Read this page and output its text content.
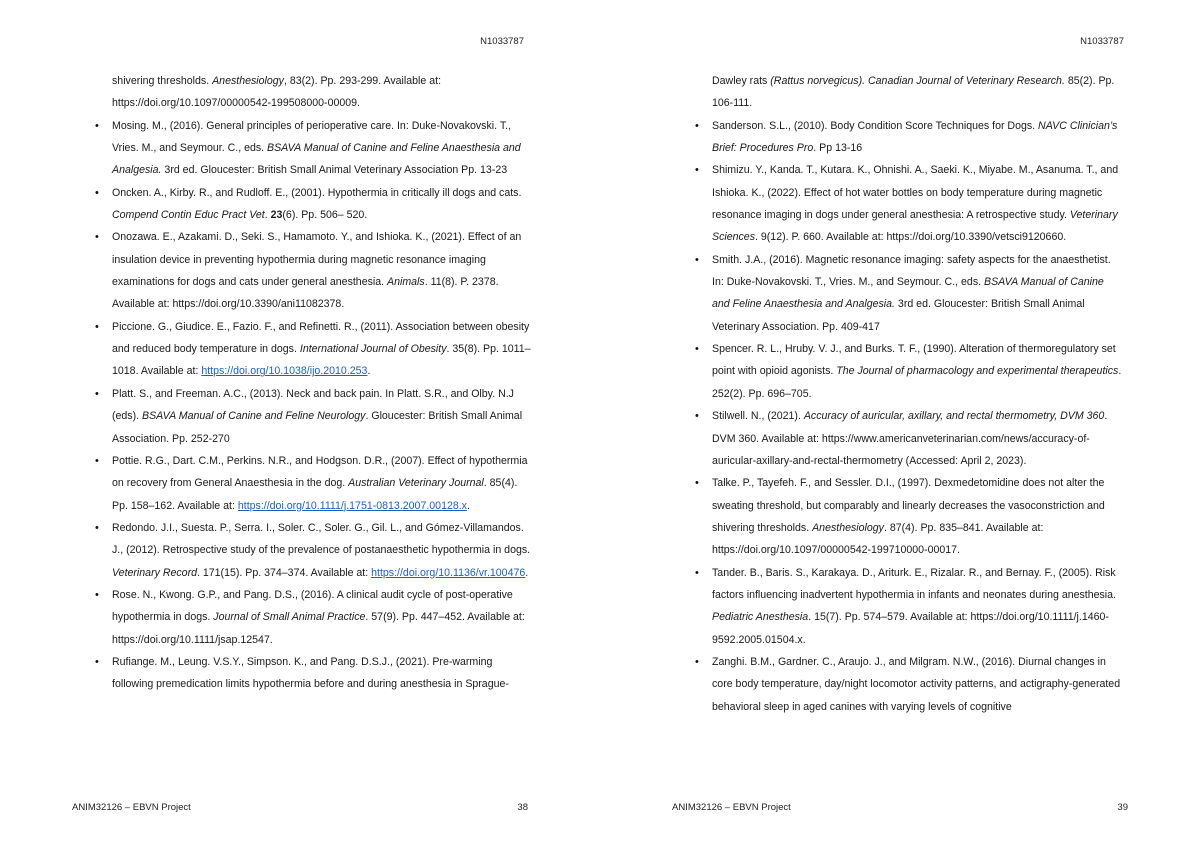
N1033787
shivering thresholds. Anesthesiology, 83(2). Pp. 293-299. Available at: https://doi.org/10.1097/00000542-199508000-00009.
• Mosing. M., (2016). General principles of perioperative care. In: Duke-Novakovski. T., Vries. M., and Seymour. C., eds. BSAVA Manual of Canine and Feline Anaesthesia and Analgesia. 3rd ed. Gloucester: British Small Animal Veterinary Association Pp. 13-23
• Oncken. A., Kirby. R., and Rudloff. E., (2001). Hypothermia in critically ill dogs and cats. Compend Contin Educ Pract Vet. 23(6). Pp. 506– 520.
• Onozawa. E., Azakami. D., Seki. S., Hamamoto. Y., and Ishioka. K., (2021). Effect of an insulation device in preventing hypothermia during magnetic resonance imaging examinations for dogs and cats under general anesthesia. Animals. 11(8). P. 2378. Available at: https://doi.org/10.3390/ani11082378.
• Piccione. G., Giudice. E., Fazio. F., and Refinetti. R., (2011). Association between obesity and reduced body temperature in dogs. International Journal of Obesity. 35(8). Pp. 1011–1018. Available at: https://doi.org/10.1038/ijo.2010.253.
• Platt. S., and Freeman. A.C., (2013). Neck and back pain. In Platt. S.R., and Olby. N.J (eds). BSAVA Manual of Canine and Feline Neurology. Gloucester: British Small Animal Association. Pp. 252-270
• Pottie. R.G., Dart. C.M., Perkins. N.R., and Hodgson. D.R., (2007). Effect of hypothermia on recovery from General Anaesthesia in the dog. Australian Veterinary Journal. 85(4). Pp. 158–162. Available at: https://doi.org/10.1111/j.1751-0813.2007.00128.x.
• Redondo. J.I., Suesta. P., Serra. I., Soler. C., Soler. G., Gil. L., and Gómez-Villamandos. J., (2012). Retrospective study of the prevalence of postanaesthetic hypothermia in dogs. Veterinary Record. 171(15). Pp. 374–374. Available at: https://doi.org/10.1136/vr.100476.
• Rose. N., Kwong. G.P., and Pang. D.S., (2016). A clinical audit cycle of post-operative hypothermia in dogs. Journal of Small Animal Practice. 57(9). Pp. 447–452. Available at: https://doi.org/10.1111/jsap.12547.
• Rufiange. M., Leung. V.S.Y., Simpson. K., and Pang. D.S.J., (2021). Pre-warming following premedication limits hypothermia before and during anesthesia in Sprague-
ANIM32126 – EBVN Project	38
N1033787
Dawley rats (Rattus norvegicus). Canadian Journal of Veterinary Research. 85(2). Pp. 106-111.
• Sanderson. S.L., (2010). Body Condition Score Techniques for Dogs. NAVC Clinician’s Brief: Procedures Pro. Pp 13-16
• Shimizu. Y., Kanda. T., Kutara. K., Ohnishi. A., Saeki. K., Miyabe. M., Asanuma. T., and Ishioka. K., (2022). Effect of hot water bottles on body temperature during magnetic resonance imaging in dogs under general anesthesia: A retrospective study. Veterinary Sciences. 9(12). P. 660. Available at: https://doi.org/10.3390/vetsci9120660.
• Smith. J.A., (2016). Magnetic resonance imaging: safety aspects for the anaesthetist. In: Duke-Novakovski. T., Vries. M., and Seymour. C., eds. BSAVA Manual of Canine and Feline Anaesthesia and Analgesia. 3rd ed. Gloucester: British Small Animal Veterinary Association. Pp. 409-417
• Spencer. R. L., Hruby. V. J., and Burks. T. F., (1990). Alteration of thermoregulatory set point with opioid agonists. The Journal of pharmacology and experimental therapeutics. 252(2). Pp. 696–705.
• Stilwell. N., (2021). Accuracy of auricular, axillary, and rectal thermometry, DVM 360. DVM 360. Available at: https://www.americanveterinarian.com/news/accuracy-of-auricular-axillary-and-rectal-thermometry (Accessed: April 2, 2023).
• Talke. P., Tayefeh. F., and Sessler. D.I., (1997). Dexmedetomidine does not alter the sweating threshold, but comparably and linearly decreases the vasoconstriction and shivering thresholds. Anesthesiology. 87(4). Pp. 835–841. Available at: https://doi.org/10.1097/00000542-199710000-00017.
• Tander. B., Baris. S., Karakaya. D., Ariturk. E., Rizalar. R., and Bernay. F., (2005). Risk factors influencing inadvertent hypothermia in infants and neonates during anesthesia. Pediatric Anesthesia. 15(7). Pp. 574–579. Available at: https://doi.org/10.1111/j.1460-9592.2005.01504.x.
• Zanghi. B.M., Gardner. C., Araujo. J., and Milgram. N.W., (2016). Diurnal changes in core body temperature, day/night locomotor activity patterns, and actigraphy-generated behavioral sleep in aged canines with varying levels of cognitive
ANIM32126 – EBVN Project	39
